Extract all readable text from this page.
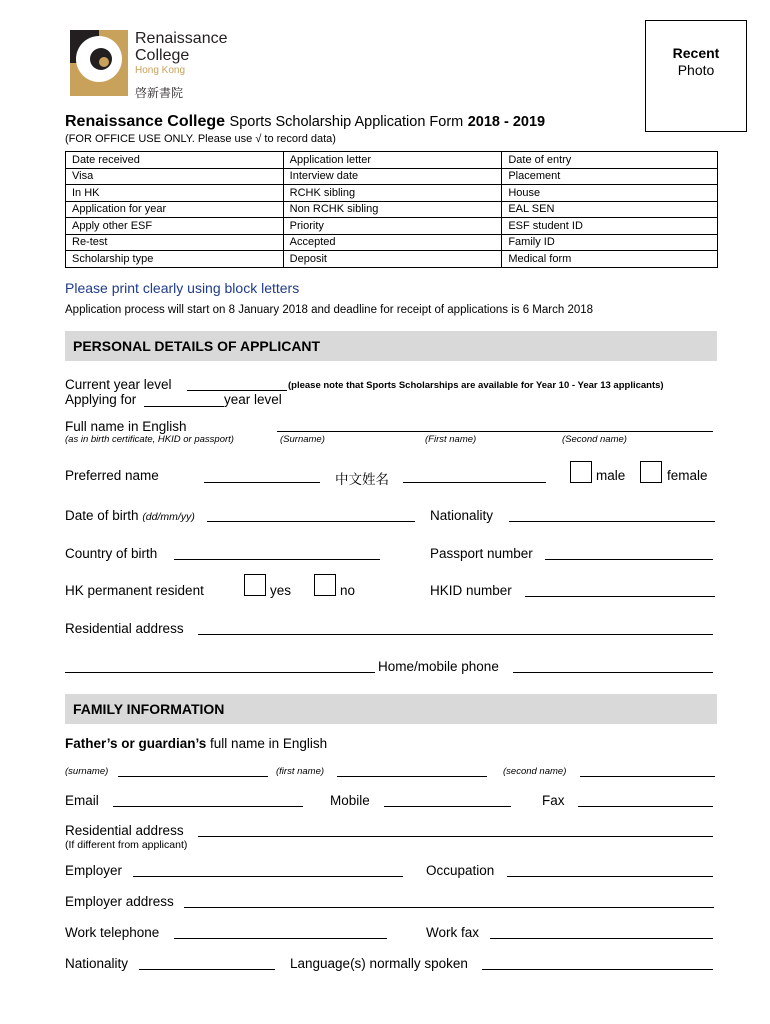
Renaissance
College
Hong Kong
啓新書院
Recent
Photo
Renaissance College Sports Scholarship Application Form 2018 - 2019
(FOR OFFICE USE ONLY. Please use √ to record data)
Date received	Application letter	Date of entry
Visa	Interview date	Placement
In HK	RCHK sibling	House
Application for year	Non RCHK sibling	EAL SEN
Apply other ESF	Priority	ESF student ID
Re-test	Accepted	Family ID
Scholarship type	Deposit	Medical form
Please print clearly using block letters
Application process will start on 8 January 2018 and deadline for receipt of applications is 6 March 2018
PERSONAL DETAILS OF APPLICANT
Current year level	(please note that Sports Scholarships are available for Year 10 - Year 13 applicants)
Applying for	year level
Full name in English
(as in birth certificate, HKID or passport)	(Surname)	(First name)	(Second name)
Preferred name	中文姓名	male	female
Date of birth (dd/mm/yy)	Nationality
Country of birth	Passport number
HK permanent resident	yes	no	HKID number
Residential address
Home/mobile phone
FAMILY INFORMATION
Father’s or guardian’s full name in English
(surname)	(first name)	(second name)
Email	Mobile	Fax
Residential address
(If different from applicant)
Employer	Occupation
Employer address
Work telephone	Work fax
Nationality	Language(s) normally spoken
